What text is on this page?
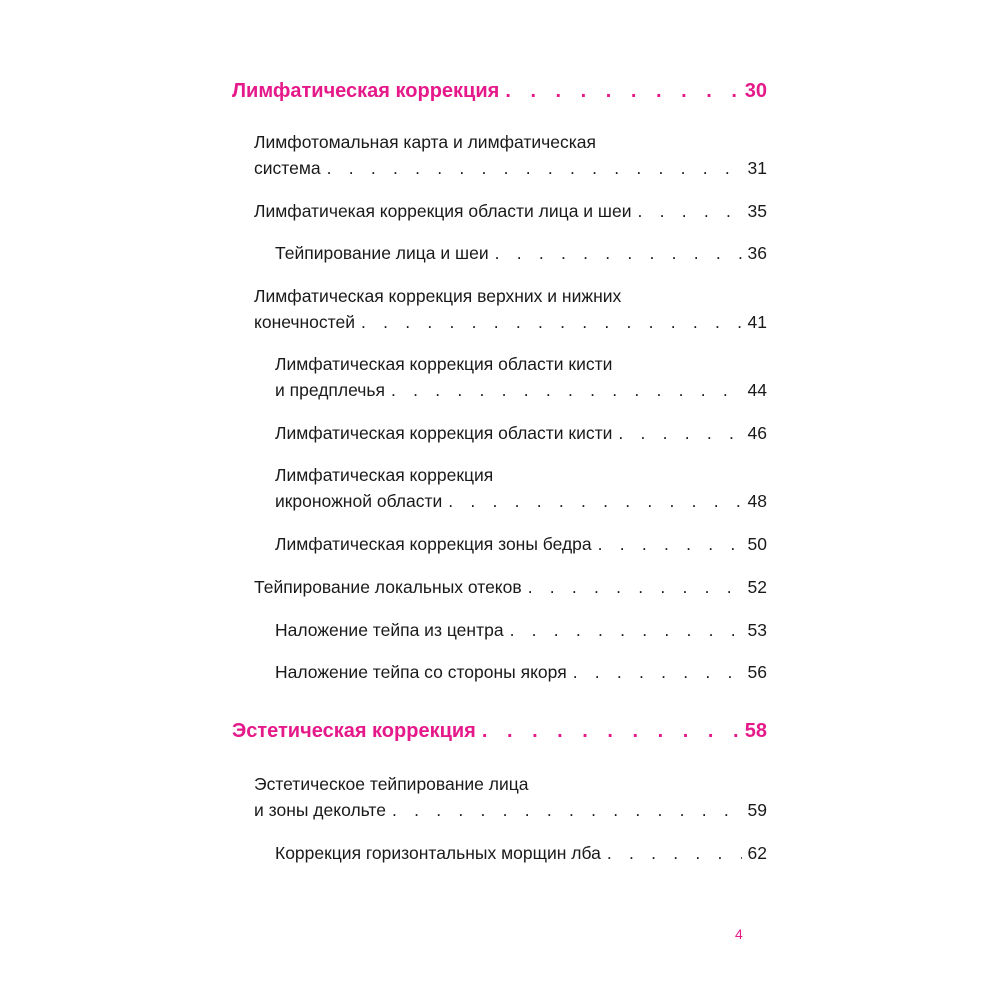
Лимфатическая коррекция . . .	30
Лимфотомальная карта и лимфатическая
система . . .	31
Лимфатичекая коррекция области лица и шеи . . .	35
Тейпирование лица и шеи . . .	36
Лимфатическая коррекция верхних и нижних
конечностей . . .	41
Лимфатическая коррекция области кисти
и предплечья . . .	44
Лимфатическая коррекция области кисти . . .	46
Лимфатическая коррекция
икроножной области . . .	48
Лимфатическая коррекция зоны бедра . . .	50
Тейпирование локальных отеков . . .	52
Наложение тейпа из центра . . .	53
Наложение тейпа со стороны якоря . . .	56
Эстетическая коррекция . . .	58
Эстетическое тейпирование лица
и зоны декольте . . .	59
Коррекция горизонтальных морщин лба . . .	62
4
